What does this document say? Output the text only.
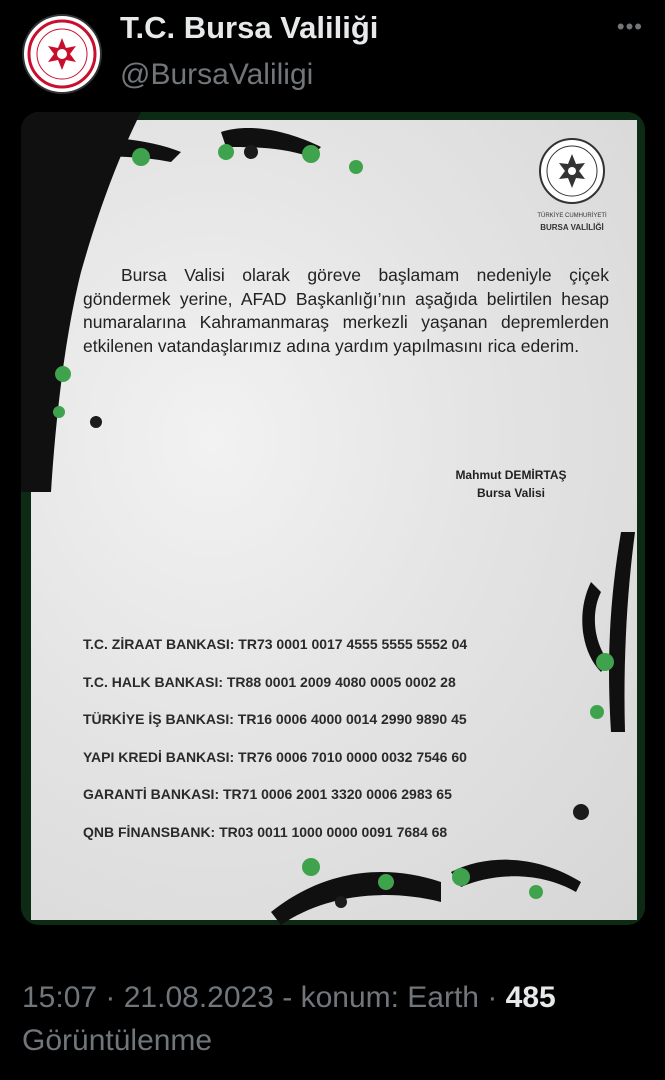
T.C. Bursa Valiliği
@BursaValiligi
•••
TÜRKİYE CUMHURİYETİ
BURSA VALİLİĞİ
Bursa Valisi olarak göreve başlamam nedeniyle çiçek göndermek yerine, AFAD Başkanlığı’nın aşağıda belirtilen hesap numaralarına Kahramanmaraş merkezli yaşanan depremlerden etkilenen vatandaşlarımız adına yardım yapılmasını rica ederim.
Mahmut DEMİRTAŞ
Bursa Valisi
T.C. ZİRAAT BANKASI: TR73 0001 0017 4555 5555 5552 04
T.C. HALK BANKASI: TR88 0001 2009 4080 0005 0002 28
TÜRKİYE İŞ BANKASI: TR16 0006 4000 0014 2990 9890 45
YAPI KREDİ BANKASI: TR76 0006 7010 0000 0032 7546 60
GARANTİ BANKASI: TR71 0006 2001 3320 0006 2983 65
QNB FİNANSBANK: TR03 0011 1000 0000 0091 7684 68
15:07 · 21.08.2023 - konum: Earth · 485
Görüntülenme
